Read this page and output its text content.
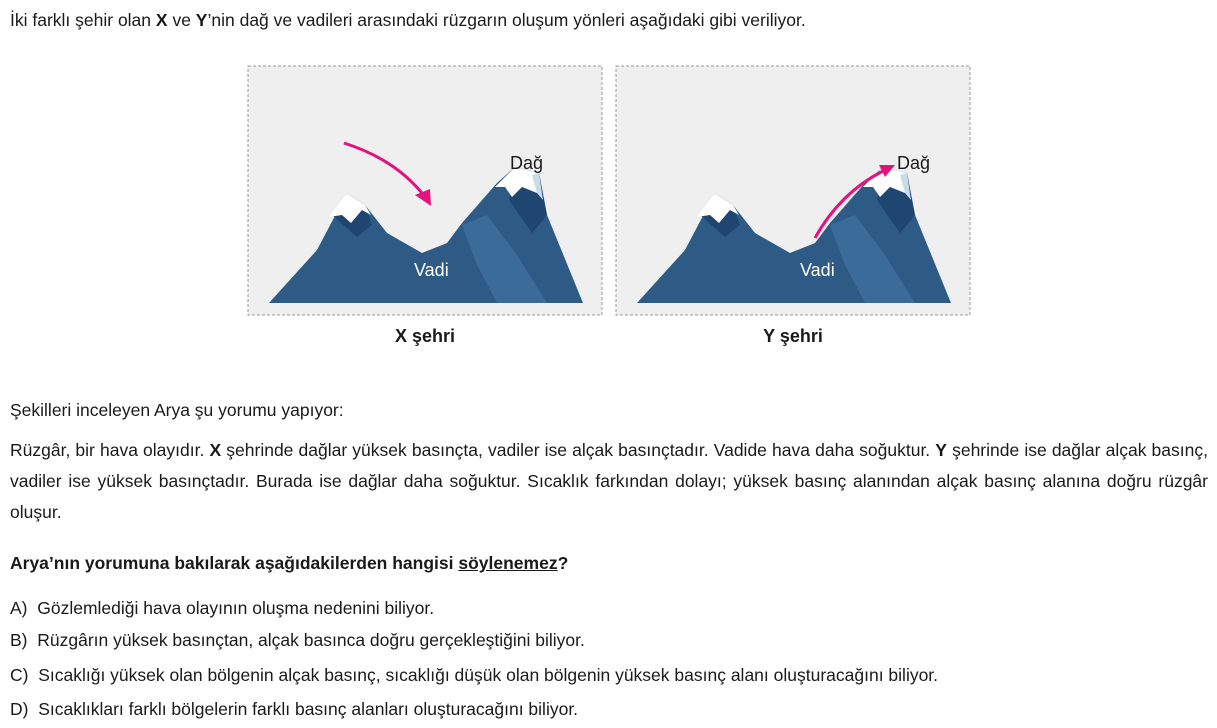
İki farklı şehir olan X ve Y’nin dağ ve vadileri arasındaki rüzgarın oluşum yönleri aşağıdaki gibi veriliyor.
Dağ
Vadi
X şehri
Dağ
Vadi
Y şehri
Şekilleri inceleyen Arya şu yorumu yapıyor:
Rüzgâr, bir hava olayıdır. X şehrinde dağlar yüksek basınçta, vadiler ise alçak basınçtadır. Vadide hava daha soğuktur. Y şehrinde ise dağlar alçak basınç, vadiler ise yüksek basınçtadır. Burada ise dağlar daha soğuktur. Sıcaklık farkından dolayı; yüksek basınç alanından alçak basınç alanına doğru rüzgâr oluşur.
Arya’nın yorumuna bakılarak aşağıdakilerden hangisi söylenemez?
A) Gözlemlediği hava olayının oluşma nedenini biliyor.
B) Rüzgârın yüksek basınçtan, alçak basınca doğru gerçekleştiğini biliyor.
C) Sıcaklığı yüksek olan bölgenin alçak basınç, sıcaklığı düşük olan bölgenin yüksek basınç alanı oluşturacağını biliyor.
D) Sıcaklıkları farklı bölgelerin farklı basınç alanları oluşturacağını biliyor.
